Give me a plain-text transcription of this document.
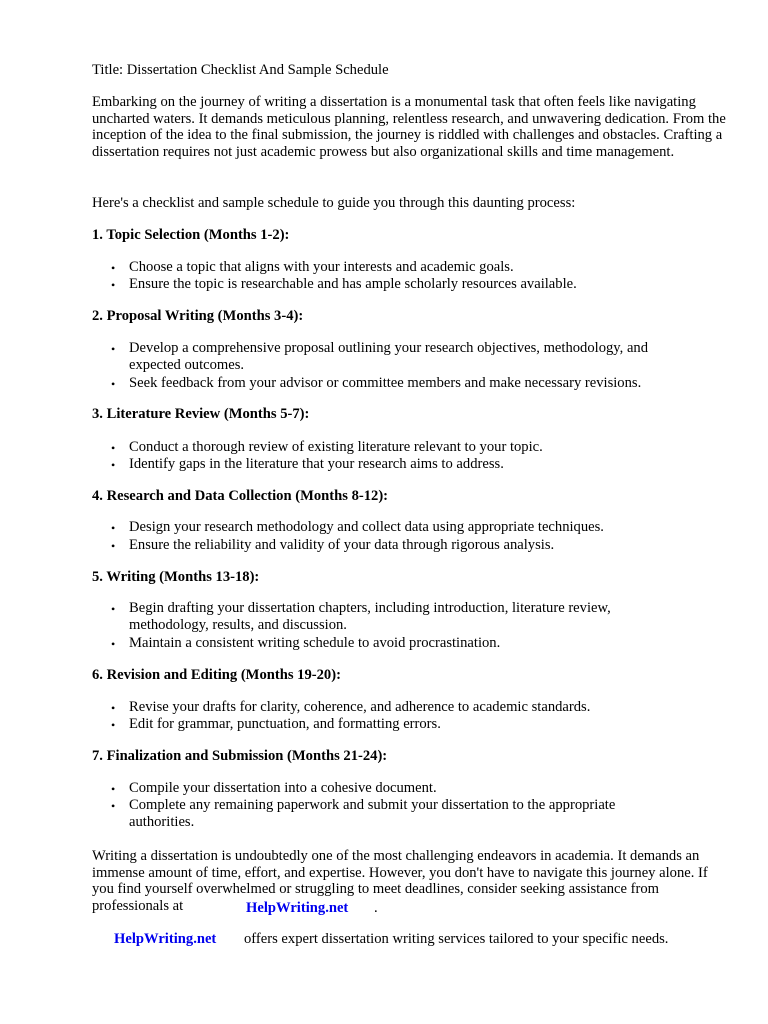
Title: Dissertation Checklist And Sample Schedule
Embarking on the journey of writing a dissertation is a monumental task that often feels like navigating uncharted waters. It demands meticulous planning, relentless research, and unwavering dedication. From the inception of the idea to the final submission, the journey is riddled with challenges and obstacles. Crafting a dissertation requires not just academic prowess but also organizational skills and time management.
Here's a checklist and sample schedule to guide you through this daunting process:
1. Topic Selection (Months 1-2):
• Choose a topic that aligns with your interests and academic goals.
• Ensure the topic is researchable and has ample scholarly resources available.
2. Proposal Writing (Months 3-4):
• Develop a comprehensive proposal outlining your research objectives, methodology, and expected outcomes.
• Seek feedback from your advisor or committee members and make necessary revisions.
3. Literature Review (Months 5-7):
• Conduct a thorough review of existing literature relevant to your topic.
• Identify gaps in the literature that your research aims to address.
4. Research and Data Collection (Months 8-12):
• Design your research methodology and collect data using appropriate techniques.
• Ensure the reliability and validity of your data through rigorous analysis.
5. Writing (Months 13-18):
• Begin drafting your dissertation chapters, including introduction, literature review, methodology, results, and discussion.
• Maintain a consistent writing schedule to avoid procrastination.
6. Revision and Editing (Months 19-20):
• Revise your drafts for clarity, coherence, and adherence to academic standards.
• Edit for grammar, punctuation, and formatting errors.
7. Finalization and Submission (Months 21-24):
• Compile your dissertation into a cohesive document.
• Complete any remaining paperwork and submit your dissertation to the appropriate authorities.
Writing a dissertation is undoubtedly one of the most challenging endeavors in academia. It demands an immense amount of time, effort, and expertise. However, you don't have to navigate this journey alone. If you find yourself overwhelmed or struggling to meet deadlines, consider seeking assistance from professionals at	HelpWriting.net .
HelpWriting.net offers expert dissertation writing services tailored to your specific needs.
